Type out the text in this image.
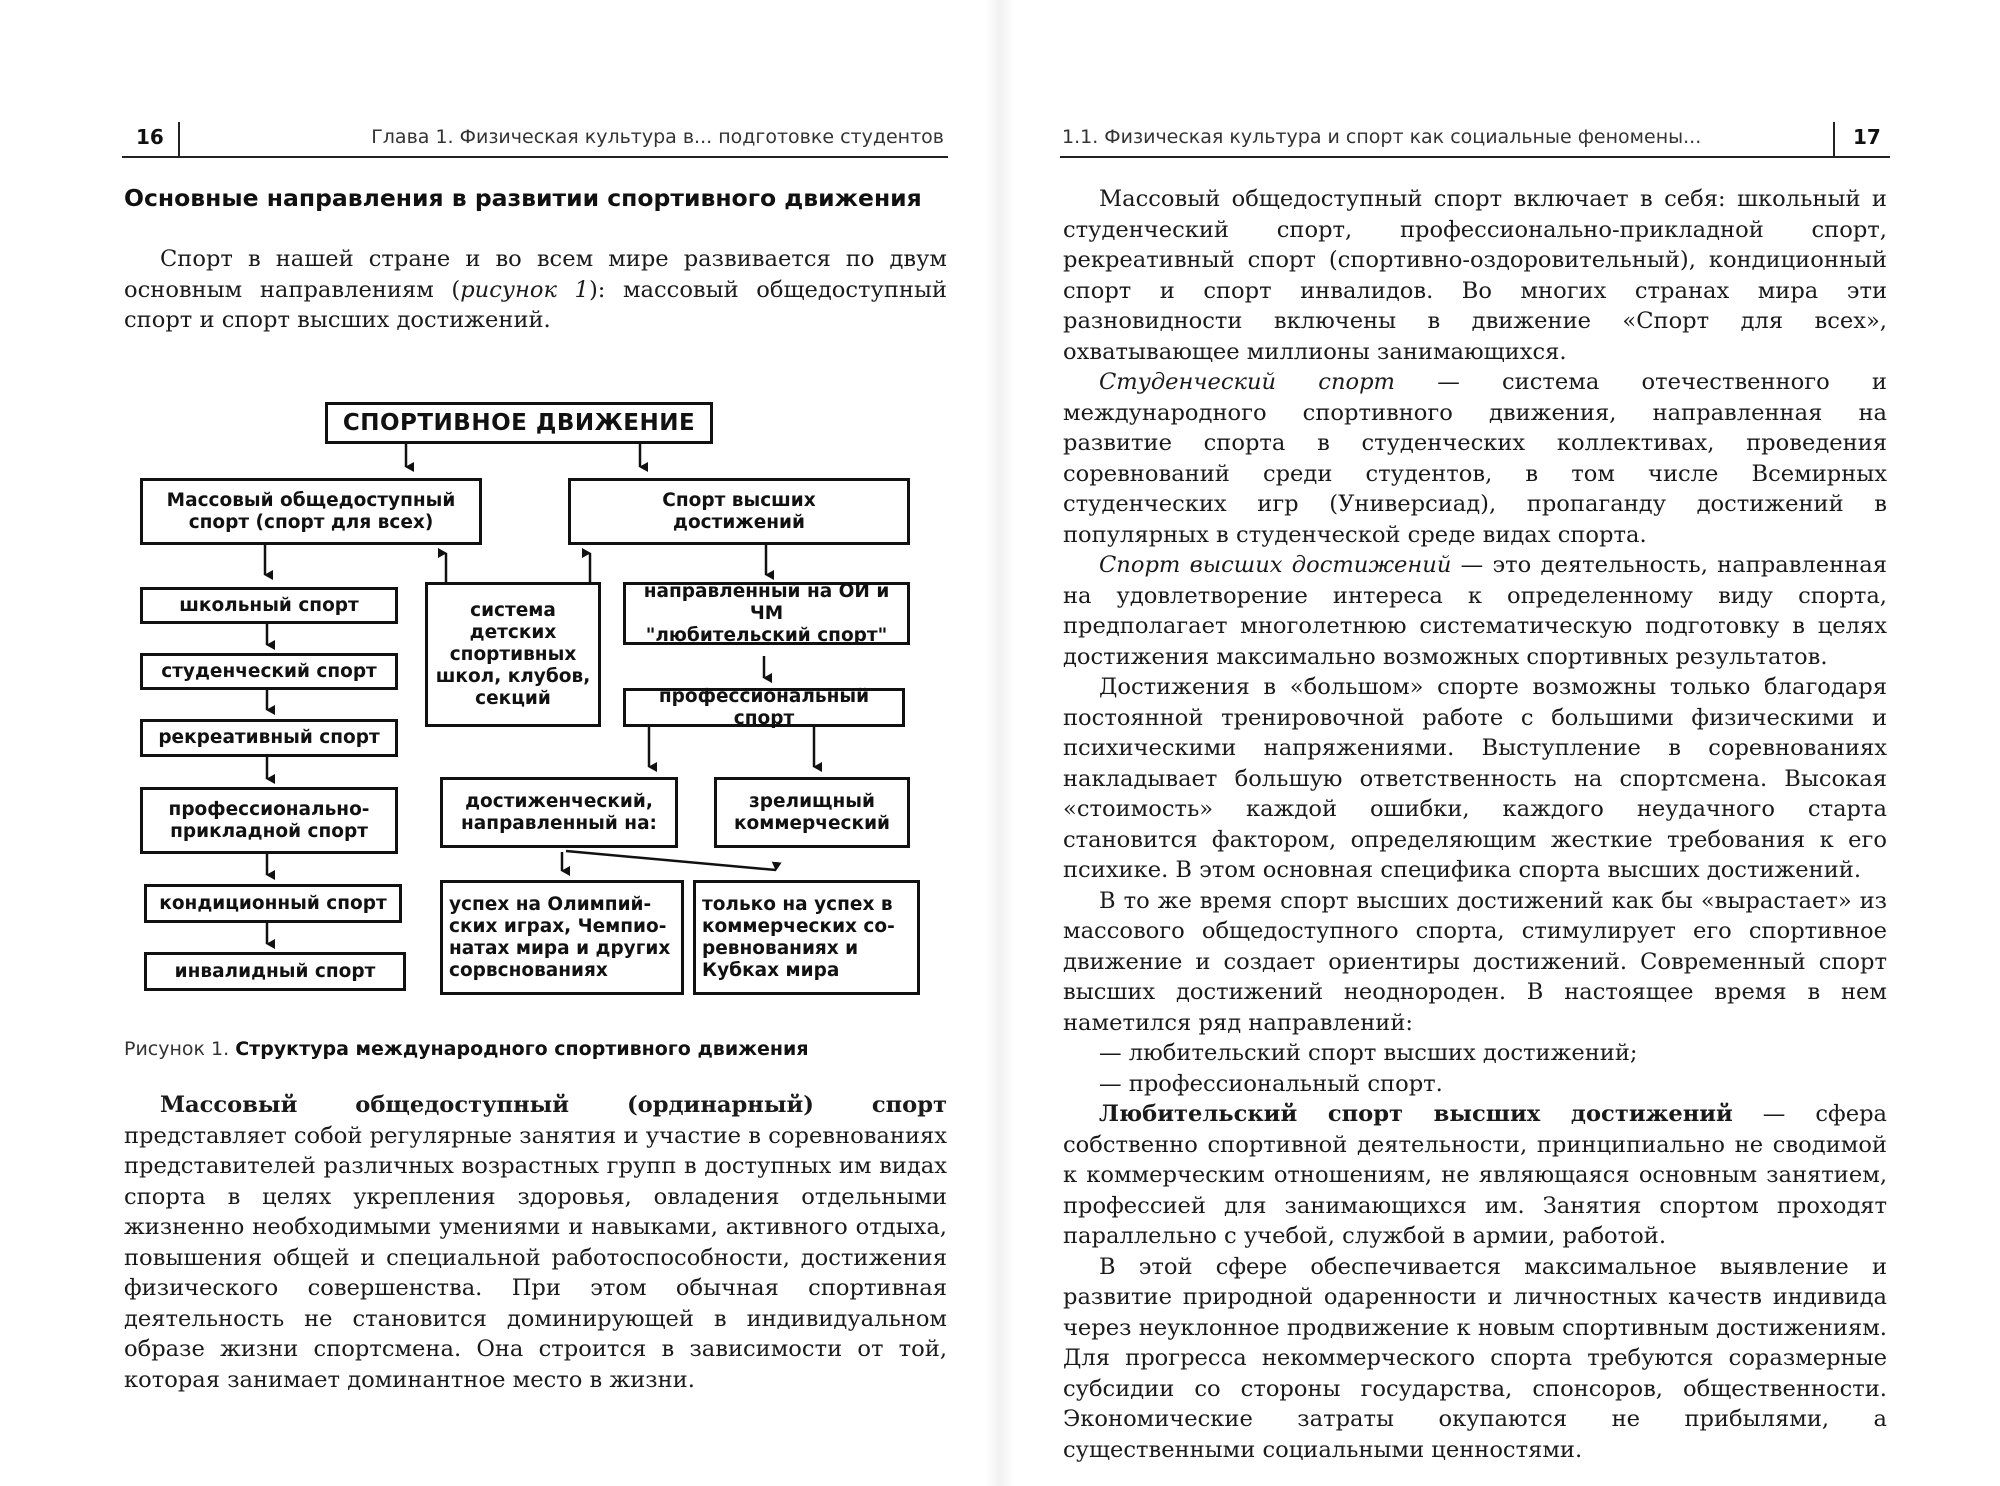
16	Глава 1. Физическая культура в... подготовке студентов
Основные направления в развитии спортивного движения

Спорт в нашей стране и во всем мире развивается по двум основным направлениям (рисунок 1): массовый общедоступный спорт и спорт высших достижений.

СПОРТИВНОЕ ДВИЖЕНИЕ
Массовый общедоступный
спорт (спорт для всех)
Спорт высших
достижений
школьный спорт
студенческий спорт
рекреативный спорт
профессионально-
прикладной спорт
кондиционный спорт
инвалидный спорт
система
детских
спортивных
школ, клубов,
секций
направленный на ОИ и ЧМ
"любительский спорт"
профессиональный спорт
достиженческий,
направленный на:
зрелищный
коммерческий
успех на Олимпий-
ских играх, Чемпио-
натах мира и других
сорвснованиях
только на успех в
коммерческих со-
ревнованиях и
Кубках мира
Рисунок 1. Структура международного спортивного движения

Массовый общедоступный (ординарный) спорт представляет собой регулярные занятия и участие в соревнованиях представителей различных возрастных групп в доступных им видах спорта в целях укрепления здоровья, овладения отдельными жизненно необходимыми умениями и навыками, активного отдыха, повышения общей и специальной работоспособности, достижения физического совершенства. При этом обычная спортивная деятельность не становится доминирующей в индивидуальном образе жизни спортсмена. Она строится в зависимости от той, которая занимает доминантное место в жизни.

1.1. Физическая культура и спорт как социальные феномены...	17

Массовый общедоступный спорт включает в себя: школьный и студенческий спорт, профессионально-прикладной спорт, рекреативный спорт (спортивно-оздоровительный), кондиционный спорт и спорт инвалидов. Во многих странах мира эти разновидности включены в движение «Спорт для всех», охватывающее миллионы занимающихся.

Студенческий спорт — система отечественного и международного спортивного движения, направленная на развитие спорта в студенческих коллективах, проведения соревнований среди студентов, в том числе Всемирных студенческих игр (Универсиад), пропаганду достижений в популярных в студенческой среде видах спорта.

Спорт высших достижений — это деятельность, направленная на удовлетворение интереса к определенному виду спорта, предполагает многолетнюю систематическую подготовку в целях достижения максимально возможных спортивных результатов.

Достижения в «большом» спорте возможны только благодаря постоянной тренировочной работе с большими физическими и психическими напряжениями. Выступление в соревнованиях накладывает большую ответственность на спортсмена. Высокая «стоимость» каждой ошибки, каждого неудачного старта становится фактором, определяющим жесткие требования к его психике. В этом основная специфика спорта высших достижений.

В то же время спорт высших достижений как бы «вырастает» из массового общедоступного спорта, стимулирует его спортивное движение и создает ориентиры достижений. Современный спорт высших достижений неоднороден. В настоящее время в нем наметился ряд направлений:

— любительский спорт высших достижений;

— профессиональный спорт.

Любительский спорт высших достижений — сфера собственно спортивной деятельности, принципиально не сводимой к коммерческим отношениям, не являющаяся основным занятием, профессией для занимающихся им. Занятия спортом проходят параллельно с учебой, службой в армии, работой.

В этой сфере обеспечивается максимальное выявление и развитие природной одаренности и личностных качеств индивида через неуклонное продвижение к новым спортивным достижениям. Для прогресса некоммерческого спорта требуются соразмерные субсидии со стороны государства, спонсоров, общественности. Экономические затраты окупаются не прибылями, а существенными социальными ценностями.
